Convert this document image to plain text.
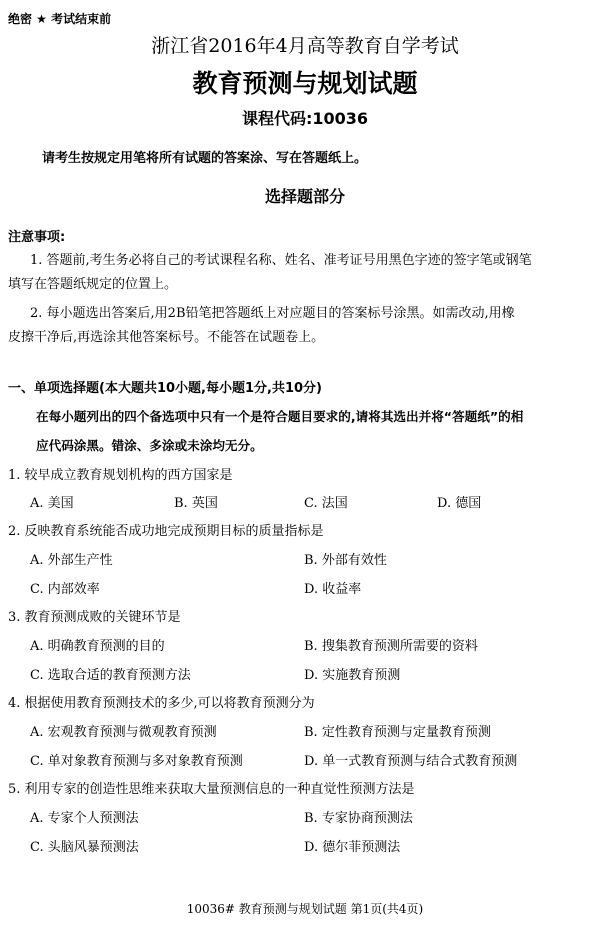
绝密 ★ 考试结束前
浙江省2016年4月高等教育自学考试
教育预测与规划试题
课程代码:10036
请考生按规定用笔将所有试题的答案涂、写在答题纸上。
选择题部分
注意事项:
1. 答题前,考生务必将自己的考试课程名称、姓名、准考证号用黑色字迹的签字笔或钢笔
填写在答题纸规定的位置上。
2. 每小题选出答案后,用2B铅笔把答题纸上对应题目的答案标号涂黑。如需改动,用橡
皮擦干净后,再选涂其他答案标号。不能答在试题卷上。
一、单项选择题(本大题共10小题,每小题1分,共10分)
在每小题列出的四个备选项中只有一个是符合题目要求的,请将其选出并将“答题纸”的相
应代码涂黑。错涂、多涂或未涂均无分。
1. 较早成立教育规划机构的西方国家是
A. 美国	B. 英国	C. 法国	D. 德国
2. 反映教育系统能否成功地完成预期目标的质量指标是
A. 外部生产性	B. 外部有效性
C. 内部效率	D. 收益率
3. 教育预测成败的关键环节是
A. 明确教育预测的目的	B. 搜集教育预测所需要的资料
C. 选取合适的教育预测方法	D. 实施教育预测
4. 根据使用教育预测技术的多少,可以将教育预测分为
A. 宏观教育预测与微观教育预测	B. 定性教育预测与定量教育预测
C. 单对象教育预测与多对象教育预测	D. 单一式教育预测与结合式教育预测
5. 利用专家的创造性思维来获取大量预测信息的一种直觉性预测方法是
A. 专家个人预测法	B. 专家协商预测法
C. 头脑风暴预测法	D. 德尔菲预测法
10036# 教育预测与规划试题 第1页(共4页)
